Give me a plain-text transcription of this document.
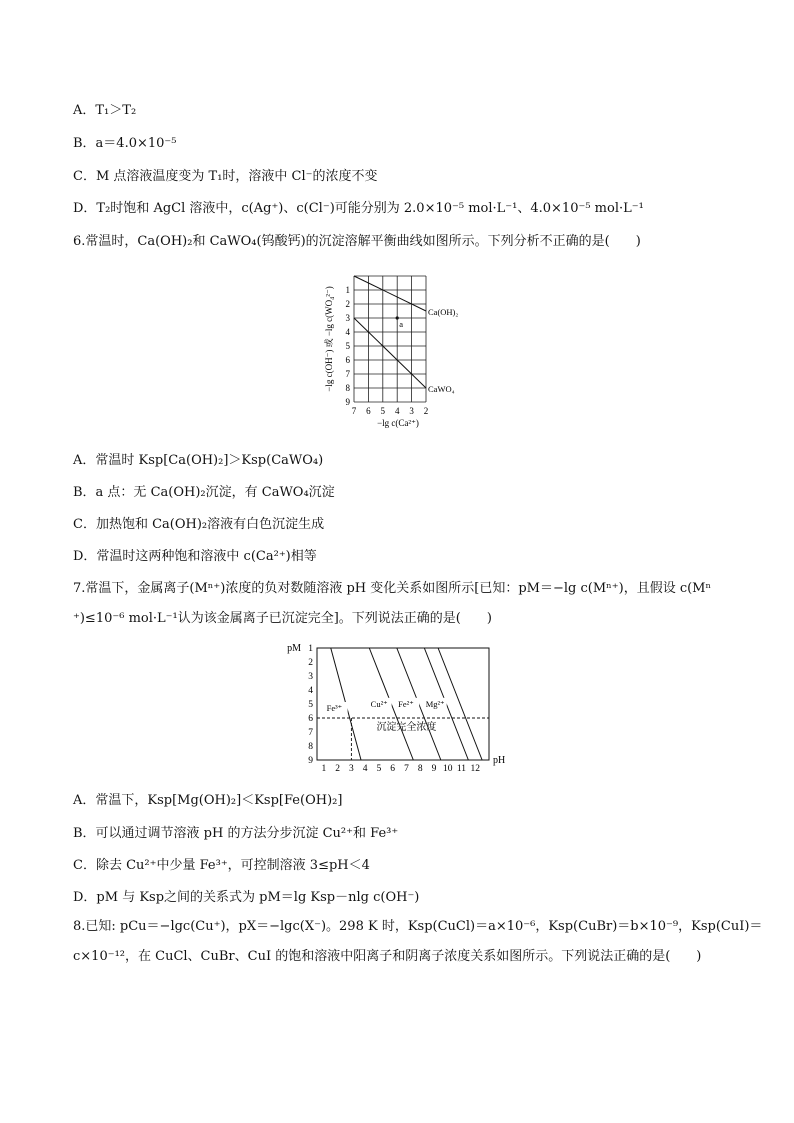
A．T₁＞T₂
B．a＝4.0×10⁻⁵
C．M 点溶液温度变为 T₁时，溶液中 Cl⁻的浓度不变
D．T₂时饱和 AgCl 溶液中，c(Ag⁺)、c(Cl⁻)可能分别为 2.0×10⁻⁵ mol·L⁻¹、4.0×10⁻⁵ mol·L⁻¹
6.常温时，Ca(OH)₂和 CaWO₄(钨酸钙)的沉淀溶解平衡曲线如图所示。下列分析不正确的是(　　)
7 6 5 4 3 2
1
2
3
4
5
6
7
8
9
−lg c(Ca²⁺)
−lg c(OH⁻) 或 −lg c(WO₄²⁻)	Ca(OH)₂
CaWO₄
a
A．常温时 Ksp[Ca(OH)₂]＞Ksp(CaWO₄)
B．a 点：无 Ca(OH)₂沉淀，有 CaWO₄沉淀
C．加热饱和 Ca(OH)₂溶液有白色沉淀生成
D．常温时这两种饱和溶液中 c(Ca²⁺)相等
7.常温下，金属离子(Mⁿ⁺)浓度的负对数随溶液 pH 变化关系如图所示[已知：pM＝−lg c(Mⁿ⁺)，且假设 c(Mⁿ
⁺)≤10⁻⁶ mol·L⁻¹认为该金属离子已沉淀完全]。下列说法正确的是(　　)
1 2 3 4 5 6 7 8 9 10 11 12
1
2
3
4
5
6
7
8
9	pH
pM
沉淀完全浓度
Fe³⁺	Cu²⁺ Fe²⁺ Mg²⁺
A．常温下，Ksp[Mg(OH)₂]＜Ksp[Fe(OH)₂]
B．可以通过调节溶液 pH 的方法分步沉淀 Cu²⁺和 Fe³⁺
C．除去 Cu²⁺中少量 Fe³⁺，可控制溶液 3≤pH＜4
D．pM 与 Ksp之间的关系式为 pM＝lg Ksp－nlg c(OH⁻)
8.已知: pCu＝−lgc(Cu⁺)，pX＝−lgc(X⁻)。298 K 时，Ksp(CuCl)＝a×10⁻⁶，Ksp(CuBr)＝b×10⁻⁹，Ksp(CuI)＝
c×10⁻¹²，在 CuCl、CuBr、CuI 的饱和溶液中阳离子和阴离子浓度关系如图所示。下列说法正确的是(　　)
